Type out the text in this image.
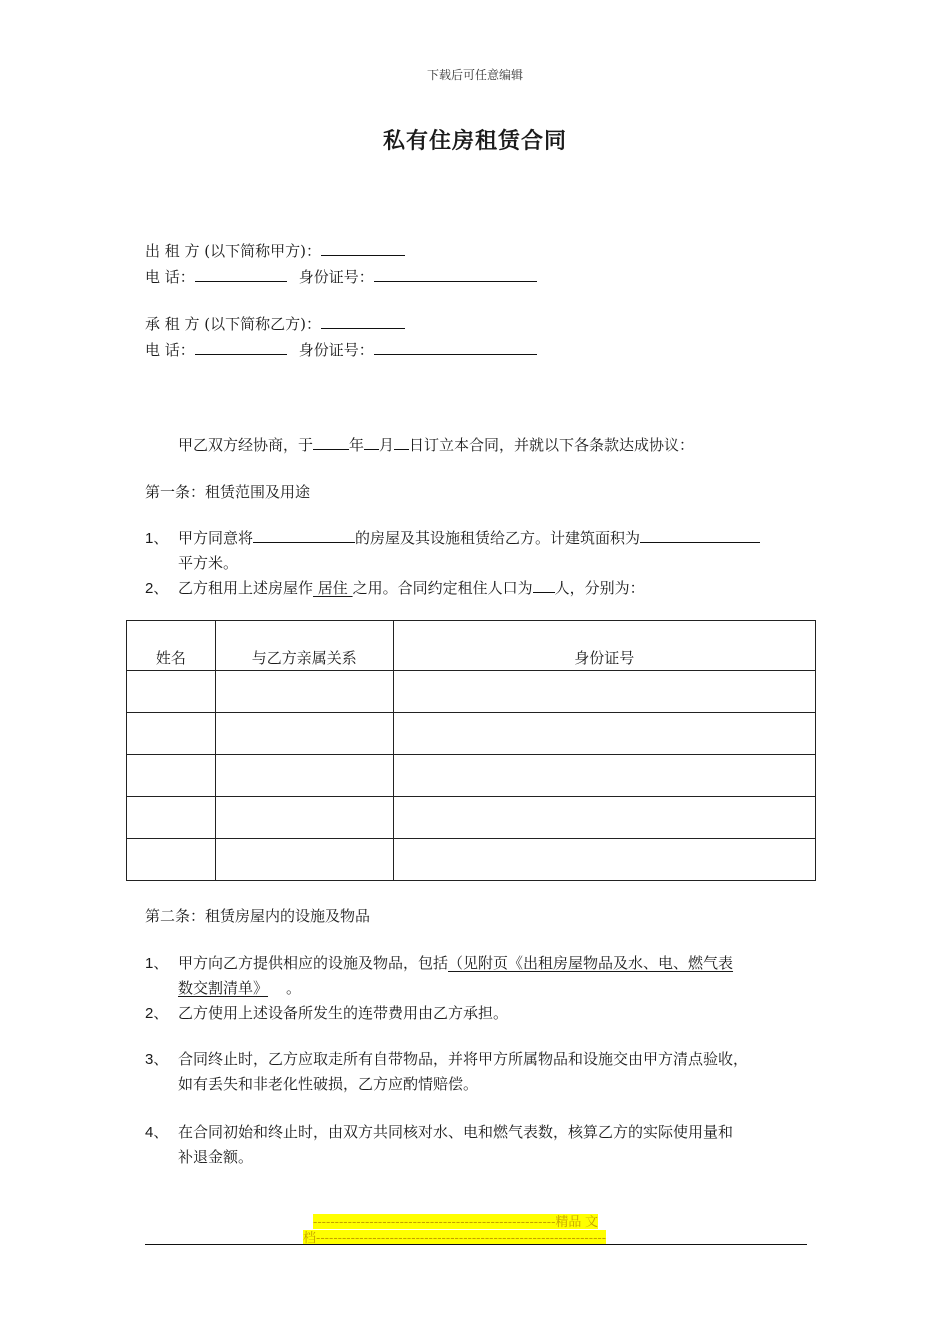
下载后可任意编辑
私有住房租赁合同
出 租 方 (以下简称甲方)：
电 话：	身份证号：
承 租 方 (以下简称乙方)：
电 话：	身份证号：
甲乙双方经协商，于 年 月 日订立本合同，并就以下各条款达成协议：
第一条：租赁范围及用途
1、 甲方同意将	的房屋及其设施租赁给乙方。计建筑面积为
平方米。
2、 乙方租用上述房屋作 居住 之用。合同约定租住人口为 人，分别为：
姓名	与乙方亲属关系	身份证号

第二条：租赁房屋内的设施及物品
1、 甲方向乙方提供相应的设施及物品，包括（见附页《出租房屋物品及水、电、燃气表
数交割清单》 。
2、 乙方使用上述设备所发生的连带费用由乙方承担。
3、 合同终止时，乙方应取走所有自带物品，并将甲方所属物品和设施交由甲方清点验收，
如有丢失和非老化性破损，乙方应酌情赔偿。
4、 在合同初始和终止时，由双方共同核对水、电和燃气表数，核算乙方的实际使用量和
补退金额。
--------------------------------------------------------精品 文
档-------------------------------------------------------------------
